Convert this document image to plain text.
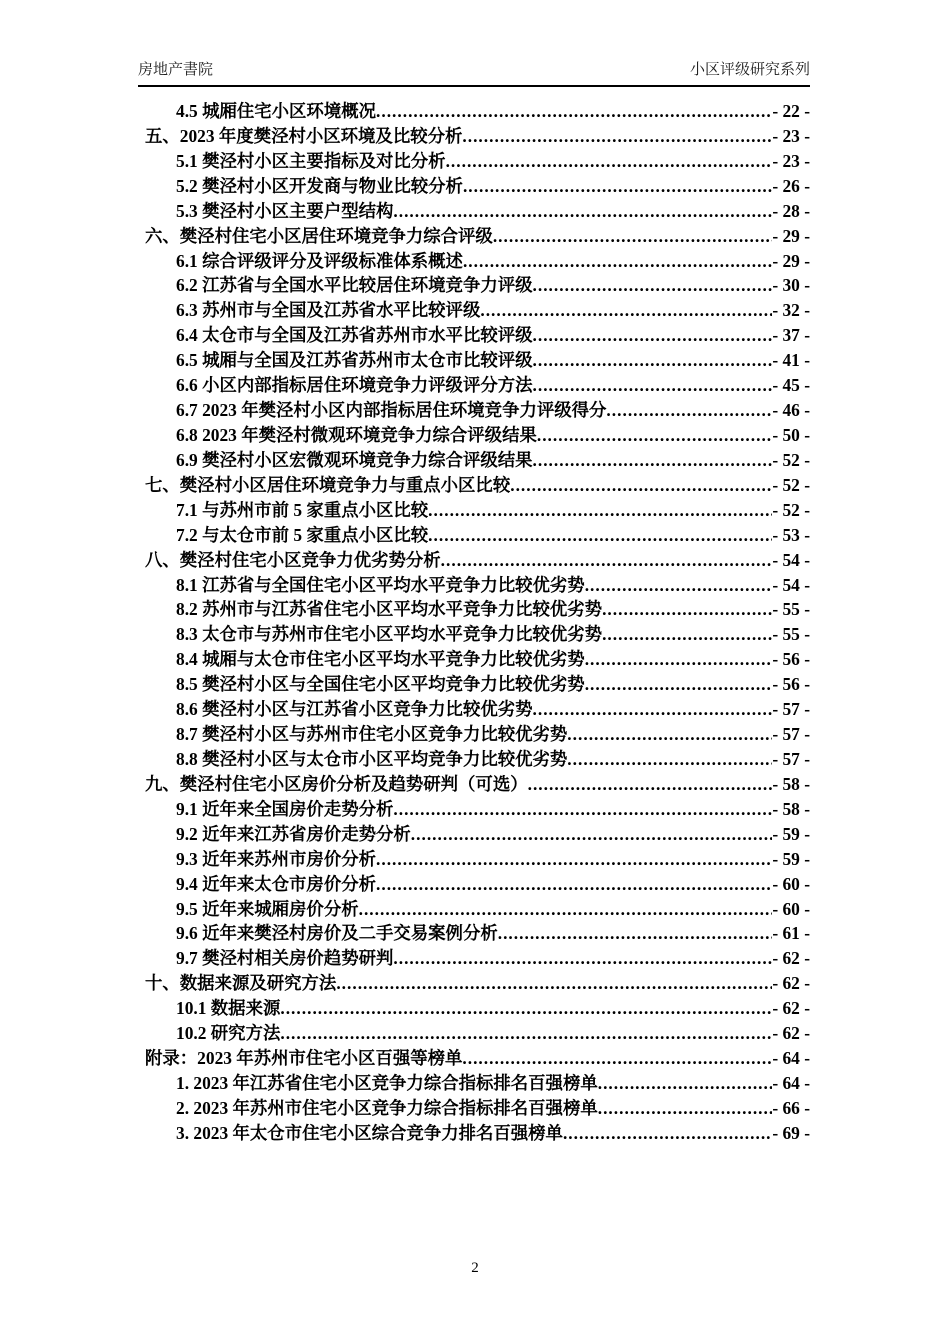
房地产書院	小区评级研究系列
4.5 城厢住宅小区环境概况 .....	- 22 -
五、2023 年度樊泾村小区环境及比较分析 .....	- 23 -
5.1 樊泾村小区主要指标及对比分析 .....	- 23 -
5.2 樊泾村小区开发商与物业比较分析 .....	- 26 -
5.3 樊泾村小区主要户型结构 .....	- 28 -
六、樊泾村住宅小区居住环境竞争力综合评级 .....	- 29 -
6.1 综合评级评分及评级标准体系概述 .....	- 29 -
6.2 江苏省与全国水平比较居住环境竞争力评级 .....	- 30 -
6.3 苏州市与全国及江苏省水平比较评级 .....	- 32 -
6.4 太仓市与全国及江苏省苏州市水平比较评级 .....	- 37 -
6.5 城厢与全国及江苏省苏州市太仓市比较评级 .....	- 41 -
6.6 小区内部指标居住环境竞争力评级评分方法 .....	- 45 -
6.7 2023 年樊泾村小区内部指标居住环境竞争力评级得分 .....	- 46 -
6.8 2023 年樊泾村微观环境竞争力综合评级结果 .....	- 50 -
6.9 樊泾村小区宏微观环境竞争力综合评级结果 .....	- 52 -
七、樊泾村小区居住环境竞争力与重点小区比较 .....	- 52 -
7.1 与苏州市前 5 家重点小区比较 .....	- 52 -
7.2 与太仓市前 5 家重点小区比较 .....	- 53 -
八、樊泾村住宅小区竞争力优劣势分析 .....	- 54 -
8.1 江苏省与全国住宅小区平均水平竞争力比较优劣势 .....	- 54 -
8.2 苏州市与江苏省住宅小区平均水平竞争力比较优劣势 .....	- 55 -
8.3 太仓市与苏州市住宅小区平均水平竞争力比较优劣势 .....	- 55 -
8.4 城厢与太仓市住宅小区平均水平竞争力比较优劣势 .....	- 56 -
8.5 樊泾村小区与全国住宅小区平均竞争力比较优劣势 .....	- 56 -
8.6 樊泾村小区与江苏省小区竞争力比较优劣势 .....	- 57 -
8.7 樊泾村小区与苏州市住宅小区竞争力比较优劣势 .....	- 57 -
8.8 樊泾村小区与太仓市小区平均竞争力比较优劣势 .....	- 57 -
九、樊泾村住宅小区房价分析及趋势研判（可选） .....	- 58 -
9.1 近年来全国房价走势分析 .....	- 58 -
9.2 近年来江苏省房价走势分析 .....	- 59 -
9.3 近年来苏州市房价分析 .....	- 59 -
9.4 近年来太仓市房价分析 .....	- 60 -
9.5 近年来城厢房价分析 .....	- 60 -
9.6 近年来樊泾村房价及二手交易案例分析 .....	- 61 -
9.7 樊泾村相关房价趋势研判 .....	- 62 -
十、数据来源及研究方法 .....	- 62 -
10.1 数据来源 .....	- 62 -
10.2 研究方法 .....	- 62 -
附录：2023 年苏州市住宅小区百强等榜单 .....	- 64 -
1. 2023 年江苏省住宅小区竞争力综合指标排名百强榜单 .....	- 64 -
2. 2023 年苏州市住宅小区竞争力综合指标排名百强榜单 .....	- 66 -
3. 2023 年太仓市住宅小区综合竞争力排名百强榜单 .....	- 69 -
2
